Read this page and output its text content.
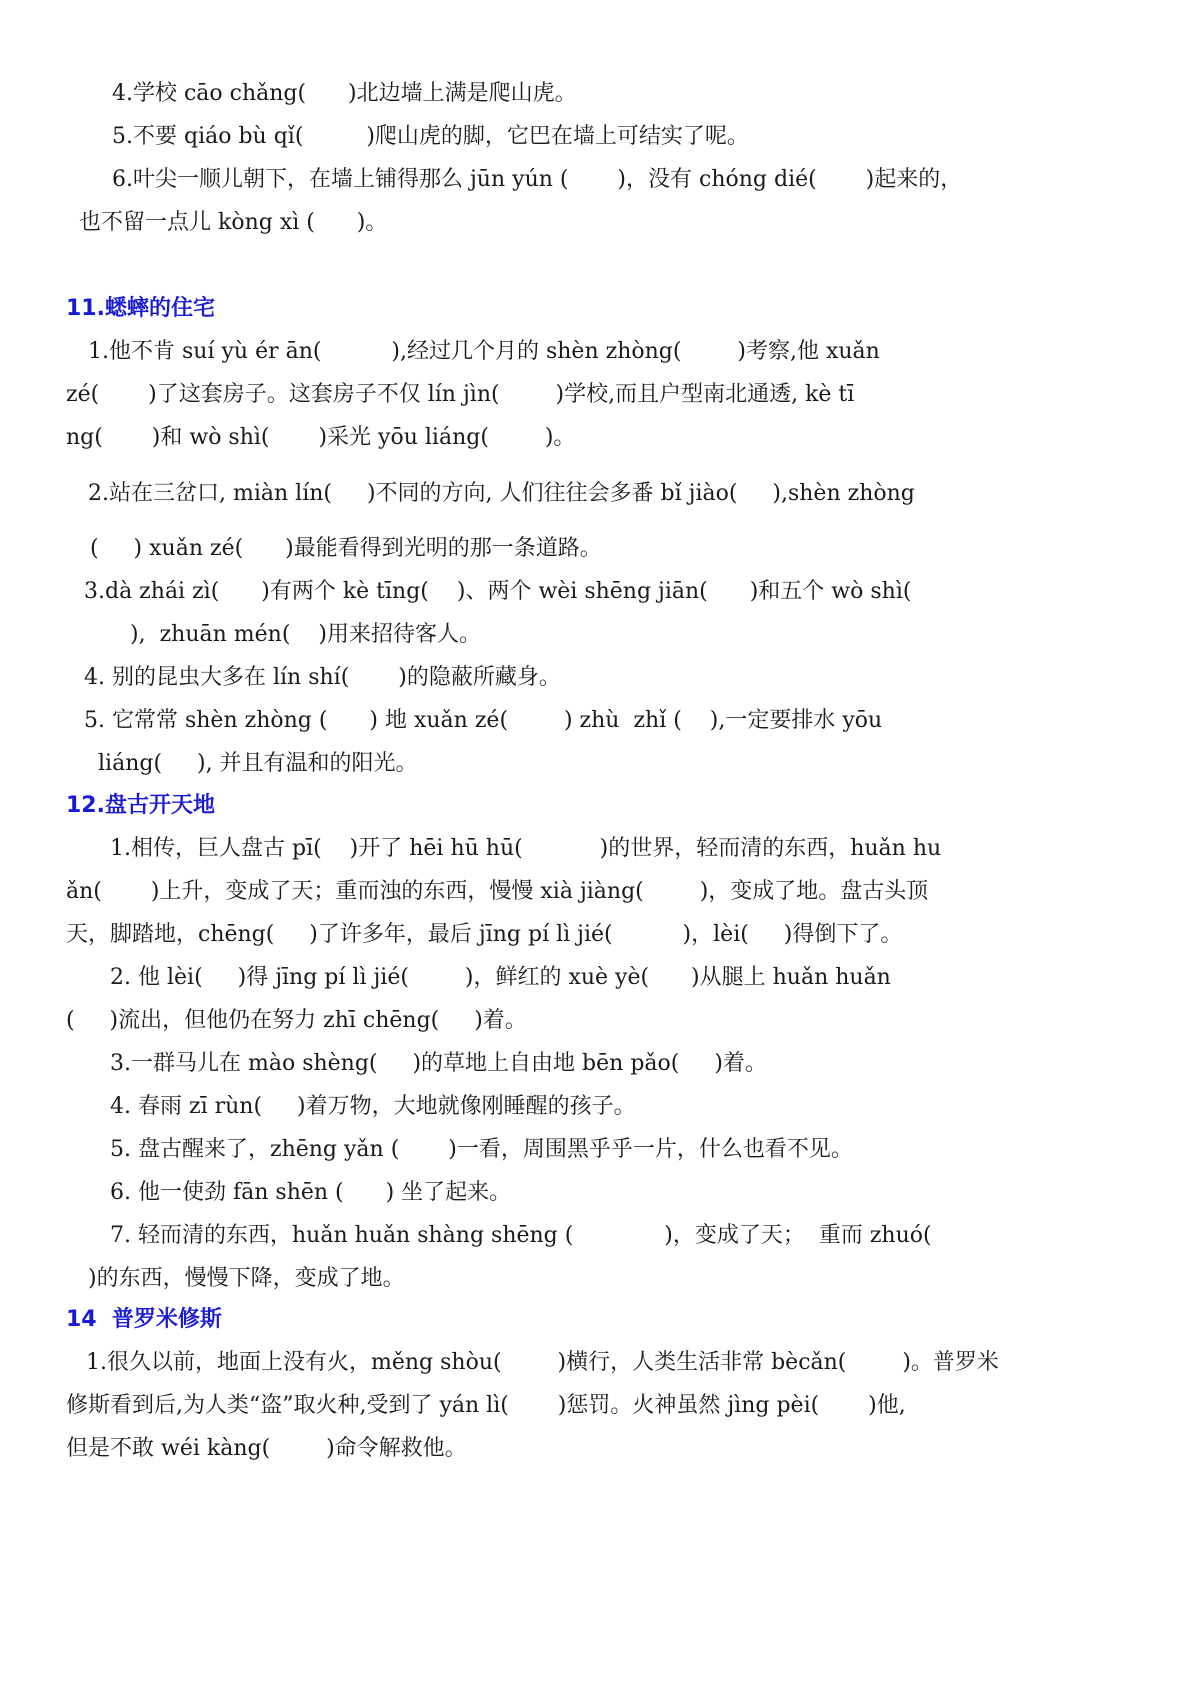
4.学校 cāo chǎng(      )北边墙上满是爬山虎。
5.不要 qiáo bù qǐ(         )爬山虎的脚，它巴在墙上可结实了呢。
6.叶尖一顺儿朝下，在墙上铺得那么 jūn yún (       )，没有 chóng dié(       )起来的，
也不留一点儿 kòng xì (      )。
11.蟋蟀的住宅
1.他不肯 suí yù ér ān(          ),经过几个月的 shèn zhòng(        )考察,他 xuǎn
zé(       )了这套房子。这套房子不仅 lín jìn(        )学校,而且户型南北通透, kè tī
ng(       )和 wò shì(       )采光 yōu liáng(        )。
2.站在三岔口, miàn lín(     )不同的方向, 人们往往会多番 bǐ jiào(     ),shèn zhòng
(     ) xuǎn zé(      )最能看得到光明的那一条道路。
3.dà zhái zì(      )有两个 kè tīng(    )、两个 wèi shēng jiān(      )和五个 wò shì(
),  zhuān mén(    )用来招待客人。
4. 别的昆虫大多在 lín shí(       )的隐蔽所藏身。
5. 它常常 shèn zhòng (      ) 地 xuǎn zé(        ) zhù  zhǐ (    ),一定要排水 yōu
liáng(     ), 并且有温和的阳光。
12.盘古开天地
1.相传，巨人盘古 pī(    )开了 hēi hū hū(           )的世界，轻而清的东西，huǎn hu
ǎn(       )上升，变成了天；重而浊的东西，慢慢 xià jiàng(        )，变成了地。盘古头顶
天，脚踏地，chēng(     )了许多年，最后 jīng pí lì jié(          )，lèi(     )得倒下了。
2. 他 lèi(     )得 jīng pí lì jié(        )，鲜红的 xuè yè(      )从腿上 huǎn huǎn
(     )流出，但他仍在努力 zhī chēng(     )着。
3.一群马儿在 mào shèng(     )的草地上自由地 bēn pǎo(     )着。
4. 春雨 zī rùn(     )着万物，大地就像刚睡醒的孩子。
5. 盘古醒来了，zhēng yǎn (       )一看，周围黑乎乎一片，什么也看不见。
6. 他一使劲 fān shēn (      ) 坐了起来。
7. 轻而清的东西，huǎn huǎn shàng shēng (             )，变成了天；  重而 zhuó(
)的东西，慢慢下降，变成了地。
14  普罗米修斯
1.很久以前，地面上没有火，měng shòu(        )横行，人类生活非常 bècǎn(        )。普罗米
修斯看到后,为人类“盗”取火种,受到了 yán lì(       )惩罚。火神虽然 jìng pèi(       )他,
但是不敢 wéi kàng(        )命令解救他。
